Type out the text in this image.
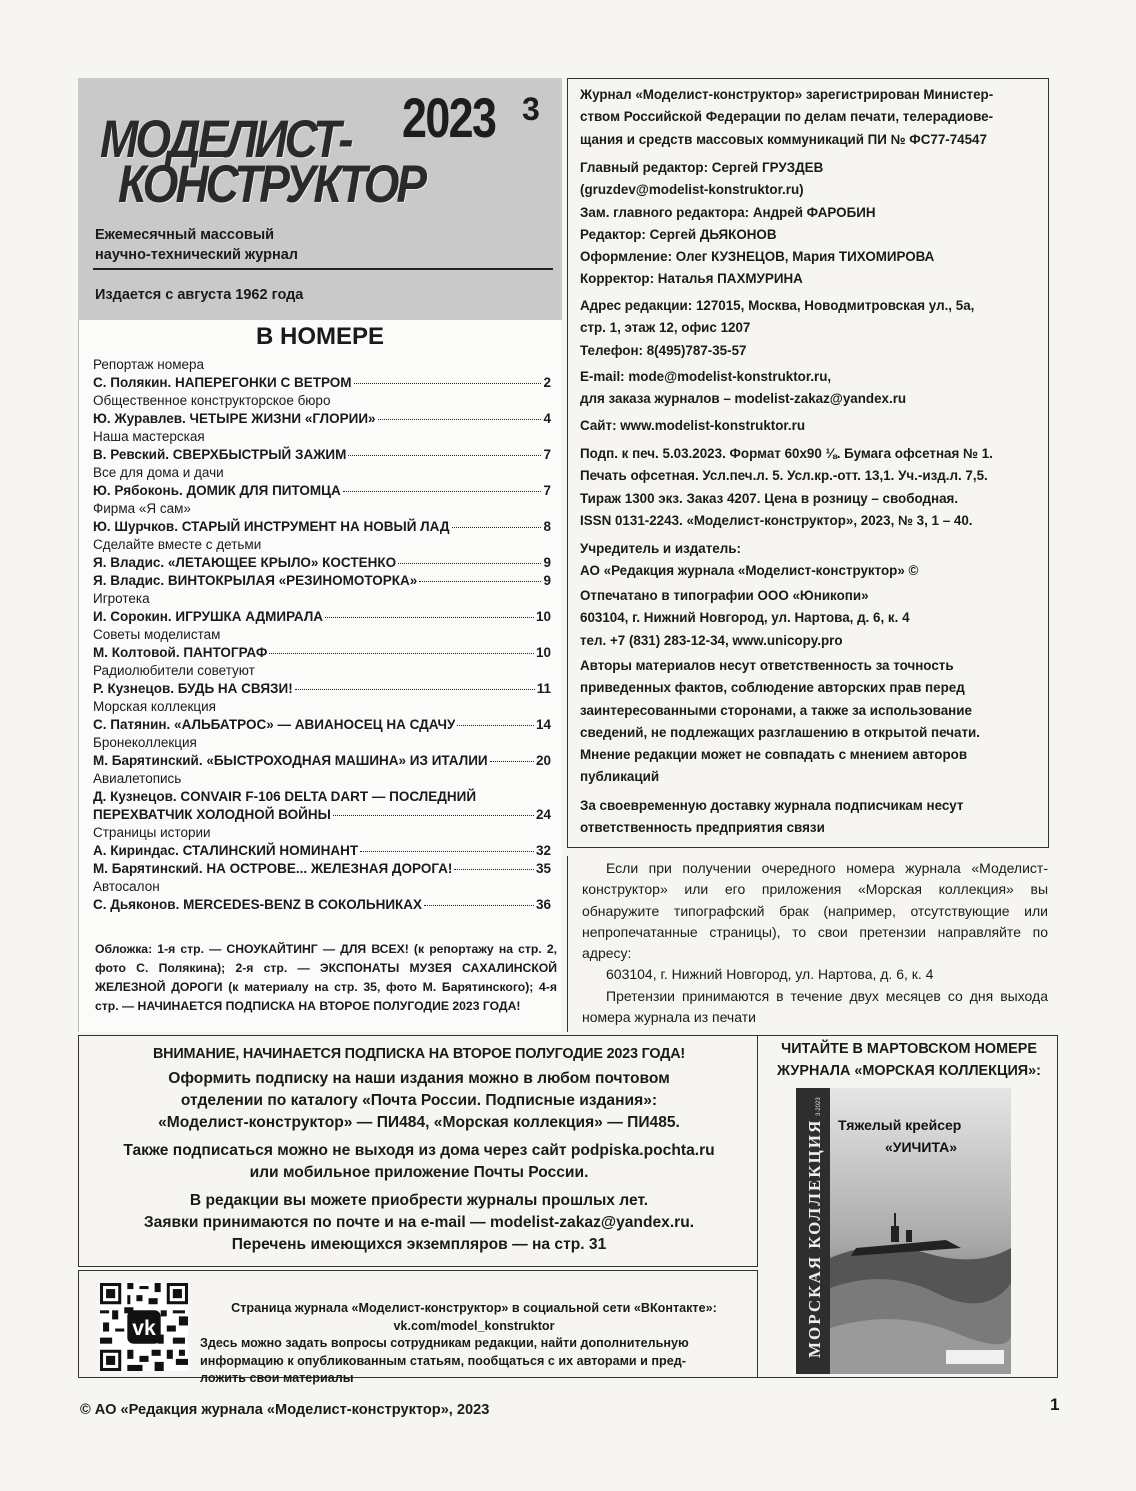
МОДЕЛИСТ-
КОНСТРУКТОР
2023 3
Ежемесячный массовый
научно-технический журнал
Издается с августа 1962 года
В НОМЕРЕ
Репортаж номера
С. Полякин. НАПЕРЕГОНКИ С ВЕТРОМ	2
Общественное конструкторское бюро
Ю. Журавлев. ЧЕТЫРЕ ЖИЗНИ «ГЛОРИИ»	4
Наша мастерская
В. Ревский. СВЕРХБЫСТРЫЙ ЗАЖИМ	7
Все для дома и дачи
Ю. Рябоконь. ДОМИК ДЛЯ ПИТОМЦА	7
Фирма «Я сам»
Ю. Шурчков. СТАРЫЙ ИНСТРУМЕНТ НА НОВЫЙ ЛАД	8
Сделайте вместе с детьми
Я. Владис. «ЛЕТАЮЩЕЕ КРЫЛО» КОСТЕНКО	9
Я. Владис. ВИНТОКРЫЛАЯ «РЕЗИНОМОТОРКА»	9
Игротека
И. Сорокин. ИГРУШКА АДМИРАЛА	10
Советы моделистам
М. Колтовой. ПАНТОГРАФ	10
Радиолюбители советуют
Р. Кузнецов. БУДЬ НА СВЯЗИ!	11
Морская коллекция
С. Патянин. «АЛЬБАТРОС» — АВИАНОСЕЦ НА СДАЧУ	14
Бронеколлекция
М. Барятинский. «БЫСТРОХОДНАЯ МАШИНА» ИЗ ИТАЛИИ	20
Авиалетопись
Д. Кузнецов. CONVAIR F-106 DELTA DART — ПОСЛЕДНИЙ
ПЕРЕХВАТЧИК ХОЛОДНОЙ ВОЙНЫ	24
Страницы истории
А. Кириндас. СТАЛИНСКИЙ НОМИНАНТ	32
М. Барятинский. НА ОСТРОВЕ... ЖЕЛЕЗНАЯ ДОРОГА!	35
Автосалон
С. Дьяконов. MERCEDES-BENZ В СОКОЛЬНИКАХ	36
Обложка: 1-я стр. — СНОУКАЙТИНГ — ДЛЯ ВСЕХ! (к репортажу на стр. 2, фото С. Полякина); 2-я стр. — ЭКСПОНАТЫ МУЗЕЯ САХАЛИНСКОЙ ЖЕЛЕЗНОЙ ДОРОГИ (к материалу на стр. 35, фото М. Барятинского); 4-я стр. — НАЧИНАЕТСЯ ПОДПИСКА НА ВТОРОЕ ПОЛУГОДИЕ 2023 ГОДА!
Журнал «Моделист-конструктор» зарегистрирован Министер-
ством Российской Федерации по делам печати, телерадиове-
щания и средств массовых коммуникаций ПИ № ФС77-74547
Главный редактор: Сергей ГРУЗДЕВ
(gruzdev@modelist-konstruktor.ru)
Зам. главного редактора: Андрей ФАРОБИН
Редактор: Сергей ДЬЯКОНОВ
Оформление: Олег КУЗНЕЦОВ, Мария ТИХОМИРОВА
Корректор: Наталья ПАХМУРИНА
Адрес редакции: 127015, Москва, Новодмитровская ул., 5а,
стр. 1, этаж 12, офис 1207
Телефон: 8(495)787-35-57
E-mail: mode@modelist-konstruktor.ru,
для заказа журналов – modelist-zakaz@yandex.ru
Сайт: www.modelist-konstruktor.ru
Подп. к печ. 5.03.2023. Формат 60х90 ⅛. Бумага офсетная № 1.
Печать офсетная. Усл.печ.л. 5. Усл.кр.-отт. 13,1. Уч.-изд.л. 7,5.
Тираж 1300 экз. Заказ 4207. Цена в розницу – свободная.
ISSN 0131-2243. «Моделист-конструктор», 2023, № 3, 1 – 40.
Учредитель и издатель:
АО «Редакция журнала «Моделист-конструктор» ©
Отпечатано в типографии ООО «Юникопи»
603104, г. Нижний Новгород, ул. Нартова, д. 6, к. 4
тел. +7 (831) 283-12-34, www.unicopy.pro
Авторы материалов несут ответственность за точность
приведенных фактов, соблюдение авторских прав перед
заинтересованными сторонами, а также за использование
сведений, не подлежащих разглашению в открытой печати.
Мнение редакции может не совпадать с мнением авторов
публикаций
За своевременную доставку журнала подписчикам несут
ответственность предприятия связи

Если при получении очередного номера журнала «Моделист-конструктор» или его приложения «Морская коллекция» вы обнаружите типографский брак (например, отсутствующие или непропечатанные страницы), то свои претензии направляйте по адресу:

603104, г. Нижний Новгород, ул. Нартова, д. 6, к. 4

Претензии принимаются в течение двух месяцев со дня выхода номера журнала из печати

ВНИМАНИЕ, НАЧИНАЕТСЯ ПОДПИСКА НА ВТОРОЕ ПОЛУГОДИЕ 2023 ГОДА!
Оформить подписку на наши издания можно в любом почтовом
отделении по каталогу «Почта России. Подписные издания»:
«Моделист-конструктор» — ПИ484, «Морская коллекция» — ПИ485.
Также подписаться можно не выходя из дома через сайт podpiska.pochta.ru
или мобильное приложение Почты России.
В редакции вы можете приобрести журналы прошлых лет.
Заявки принимаются по почте и на e-mail — modelist-zakaz@yandex.ru.
Перечень имеющихся экземпляров — на стр. 31
vk
Страница журнала «Моделист-конструктор» в социальной сети «ВКонтакте»:
vk.com/model_konstruktor
Здесь можно задать вопросы сотрудникам редакции, найти дополнительную
информацию к опубликованным статьям, пообщаться с их авторами и пред-
ложить свои материалы
ЧИТАЙТЕ В МАРТОВСКОМ НОМЕРЕ
ЖУРНАЛА «МОРСКАЯ КОЛЛЕКЦИЯ»:
Тяжелый крейсер
«УИЧИТА»
МОРСКАЯ КОЛЛЕКЦИЯ
3·2023
© АО «Редакция журнала «Моделист-конструктор», 2023	1
